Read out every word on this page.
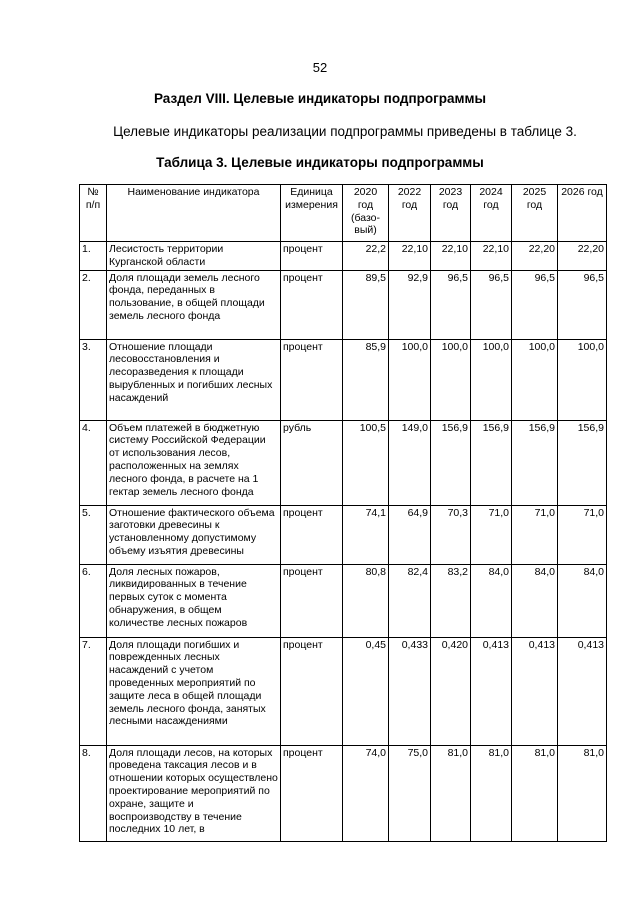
52
Раздел VIII. Целевые индикаторы подпрограммы
Целевые индикаторы реализации подпрограммы приведены в таблице 3.
Таблица 3. Целевые индикаторы подпрограммы
№ п/п	Наименование индикатора	Единица измерения	2020 год (базо-вый)	2022 год	2023 год	2024 год	2025 год	2026 год
1.	Лесистость территории Курганской области	процент	22,2	22,10	22,10	22,10	22,20	22,20
2.	Доля площади земель лесного фонда, переданных в пользование, в общей площади земель лесного фонда	процент	89,5	92,9	96,5	96,5	96,5	96,5
3.	Отношение площади лесовосстановления и лесоразведения к площади вырубленных и погибших лесных насаждений	процент	85,9	100,0	100,0	100,0	100,0	100,0
4.	Объем платежей в бюджетную систему Российской Федерации от использования лесов, расположенных на землях лесного фонда, в расчете на 1 гектар земель лесного фонда	рубль	100,5	149,0	156,9	156,9	156,9	156,9
5.	Отношение фактического объема заготовки древесины к установленному допустимому объему изъятия древесины	процент	74,1	64,9	70,3	71,0	71,0	71,0
6.	Доля лесных пожаров, ликвидированных в течение первых суток с момента обнаружения, в общем количестве лесных пожаров	процент	80,8	82,4	83,2	84,0	84,0	84,0
7.	Доля площади погибших и поврежденных лесных насаждений с учетом проведенных мероприятий по защите леса в общей площади земель лесного фонда, занятых лесными насаждениями	процент	0,45	0,433	0,420	0,413	0,413	0,413
8.	Доля площади лесов, на которых проведена таксация лесов и в отношении которых осуществлено проектирование мероприятий по охране, защите и воспроизводству в течение последних 10 лет, в	процент	74,0	75,0	81,0	81,0	81,0	81,0
